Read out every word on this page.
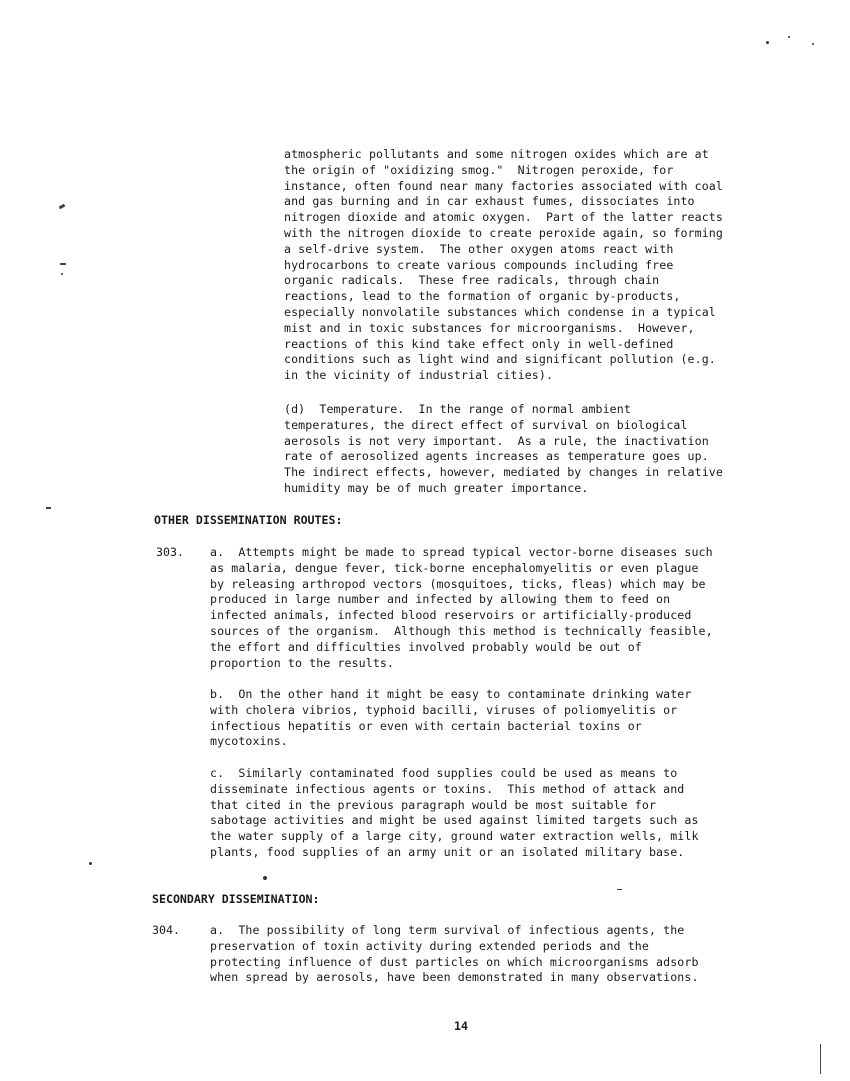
atmospheric pollutants and some nitrogen oxides which are at
the origin of "oxidizing smog."  Nitrogen peroxide, for
instance, often found near many factories associated with coal
and gas burning and in car exhaust fumes, dissociates into
nitrogen dioxide and atomic oxygen.  Part of the latter reacts
with the nitrogen dioxide to create peroxide again, so forming
a self-drive system.  The other oxygen atoms react with
hydrocarbons to create various compounds including free
organic radicals.  These free radicals, through chain
reactions, lead to the formation of organic by-products,
especially nonvolatile substances which condense in a typical
mist and in toxic substances for microorganisms.  However,
reactions of this kind take effect only in well-defined
conditions such as light wind and significant pollution (e.g.
in the vicinity of industrial cities).
(d)  Temperature.  In the range of normal ambient
temperatures, the direct effect of survival on biological
aerosols is not very important.  As a rule, the inactivation
rate of aerosolized agents increases as temperature goes up.
The indirect effects, however, mediated by changes in relative
humidity may be of much greater importance.
OTHER DISSEMINATION ROUTES:
303. a.  Attempts might be made to spread typical vector-borne diseases such
as malaria, dengue fever, tick-borne encephalomyelitis or even plague
by releasing arthropod vectors (mosquitoes, ticks, fleas) which may be
produced in large number and infected by allowing them to feed on
infected animals, infected blood reservoirs or artificially-produced
sources of the organism.  Although this method is technically feasible,
the effort and difficulties involved probably would be out of
proportion to the results.
b.  On the other hand it might be easy to contaminate drinking water
with cholera vibrios, typhoid bacilli, viruses of poliomyelitis or
infectious hepatitis or even with certain bacterial toxins or
mycotoxins.
c.  Similarly contaminated food supplies could be used as means to
disseminate infectious agents or toxins.  This method of attack and
that cited in the previous paragraph would be most suitable for
sabotage activities and might be used against limited targets such as
the water supply of a large city, ground water extraction wells, milk
plants, food supplies of an army unit or an isolated military base.
SECONDARY DISSEMINATION:
304.	a.  The possibility of long term survival of infectious agents, the
preservation of toxin activity during extended periods and the
protecting influence of dust particles on which microorganisms adsorb
when spread by aerosols, have been demonstrated in many observations.
14
